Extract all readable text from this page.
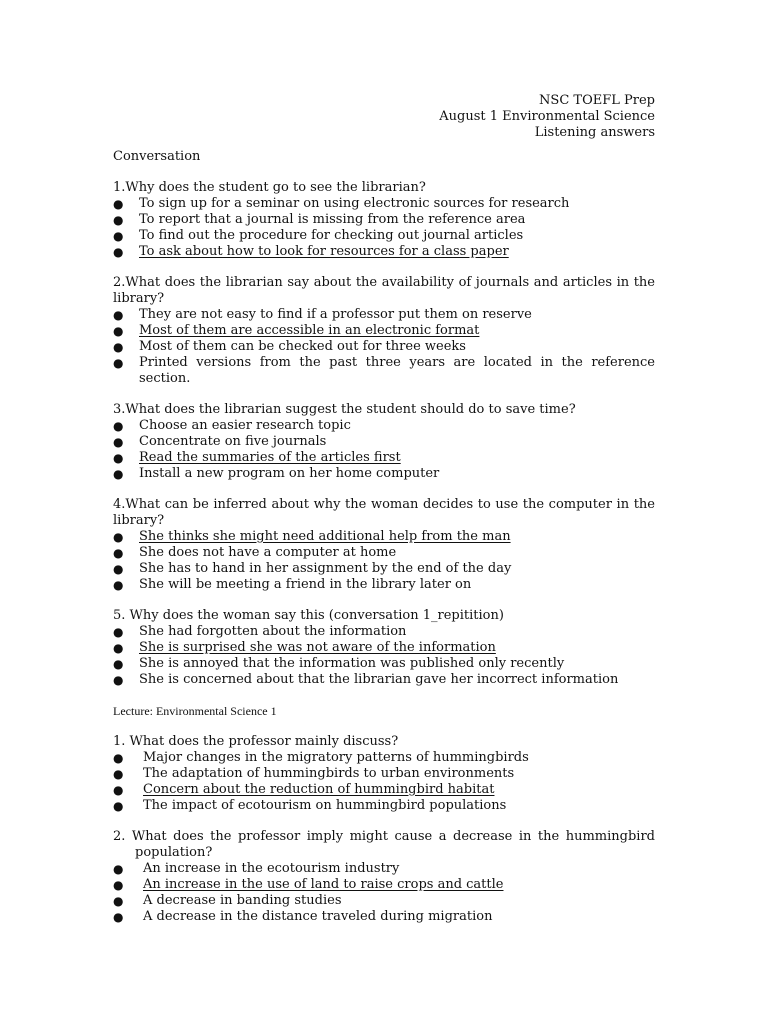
NSC TOEFL Prep
August 1 Environmental Science
Listening answers
Conversation
1.Why does the student go to see the librarian?
● To sign up for a seminar on using electronic sources for research
● To report that a journal is missing from the reference area
● To find out the procedure for checking out journal articles
● To ask about how to look for resources for a class paper
2.What does the librarian say about the availability of journals and articles in the library?
● They are not easy to find if a professor put them on reserve
● Most of them are accessible in an electronic format
● Most of them can be checked out for three weeks
● Printed versions from the past three years are located in the reference section.
3.What does the librarian suggest the student should do to save time?
● Choose an easier research topic
● Concentrate on five journals
● Read the summaries of the articles first
● Install a new program on her home computer
4.What can be inferred about why the woman decides to use the computer in the library?
● She thinks she might need additional help from the man
● She does not have a computer at home
● She has to hand in her assignment by the end of the day
● She will be meeting a friend in the library later on
5. Why does the woman say this (conversation 1_repitition)
● She had forgotten about the information
● She is surprised she was not aware of the information
● She is annoyed that the information was published only recently
● She is concerned about that the librarian gave her incorrect information
Lecture: Environmental Science 1
1. What does the professor mainly discuss?
● Major changes in the migratory patterns of hummingbirds
● The adaptation of hummingbirds to urban environments
● Concern about the reduction of hummingbird habitat
● The impact of ecotourism on hummingbird populations
2. What does the professor imply might cause a decrease in the hummingbird population?
● An increase in the ecotourism industry
● An increase in the use of land to raise crops and cattle
● A decrease in banding studies
● A decrease in the distance traveled during migration
